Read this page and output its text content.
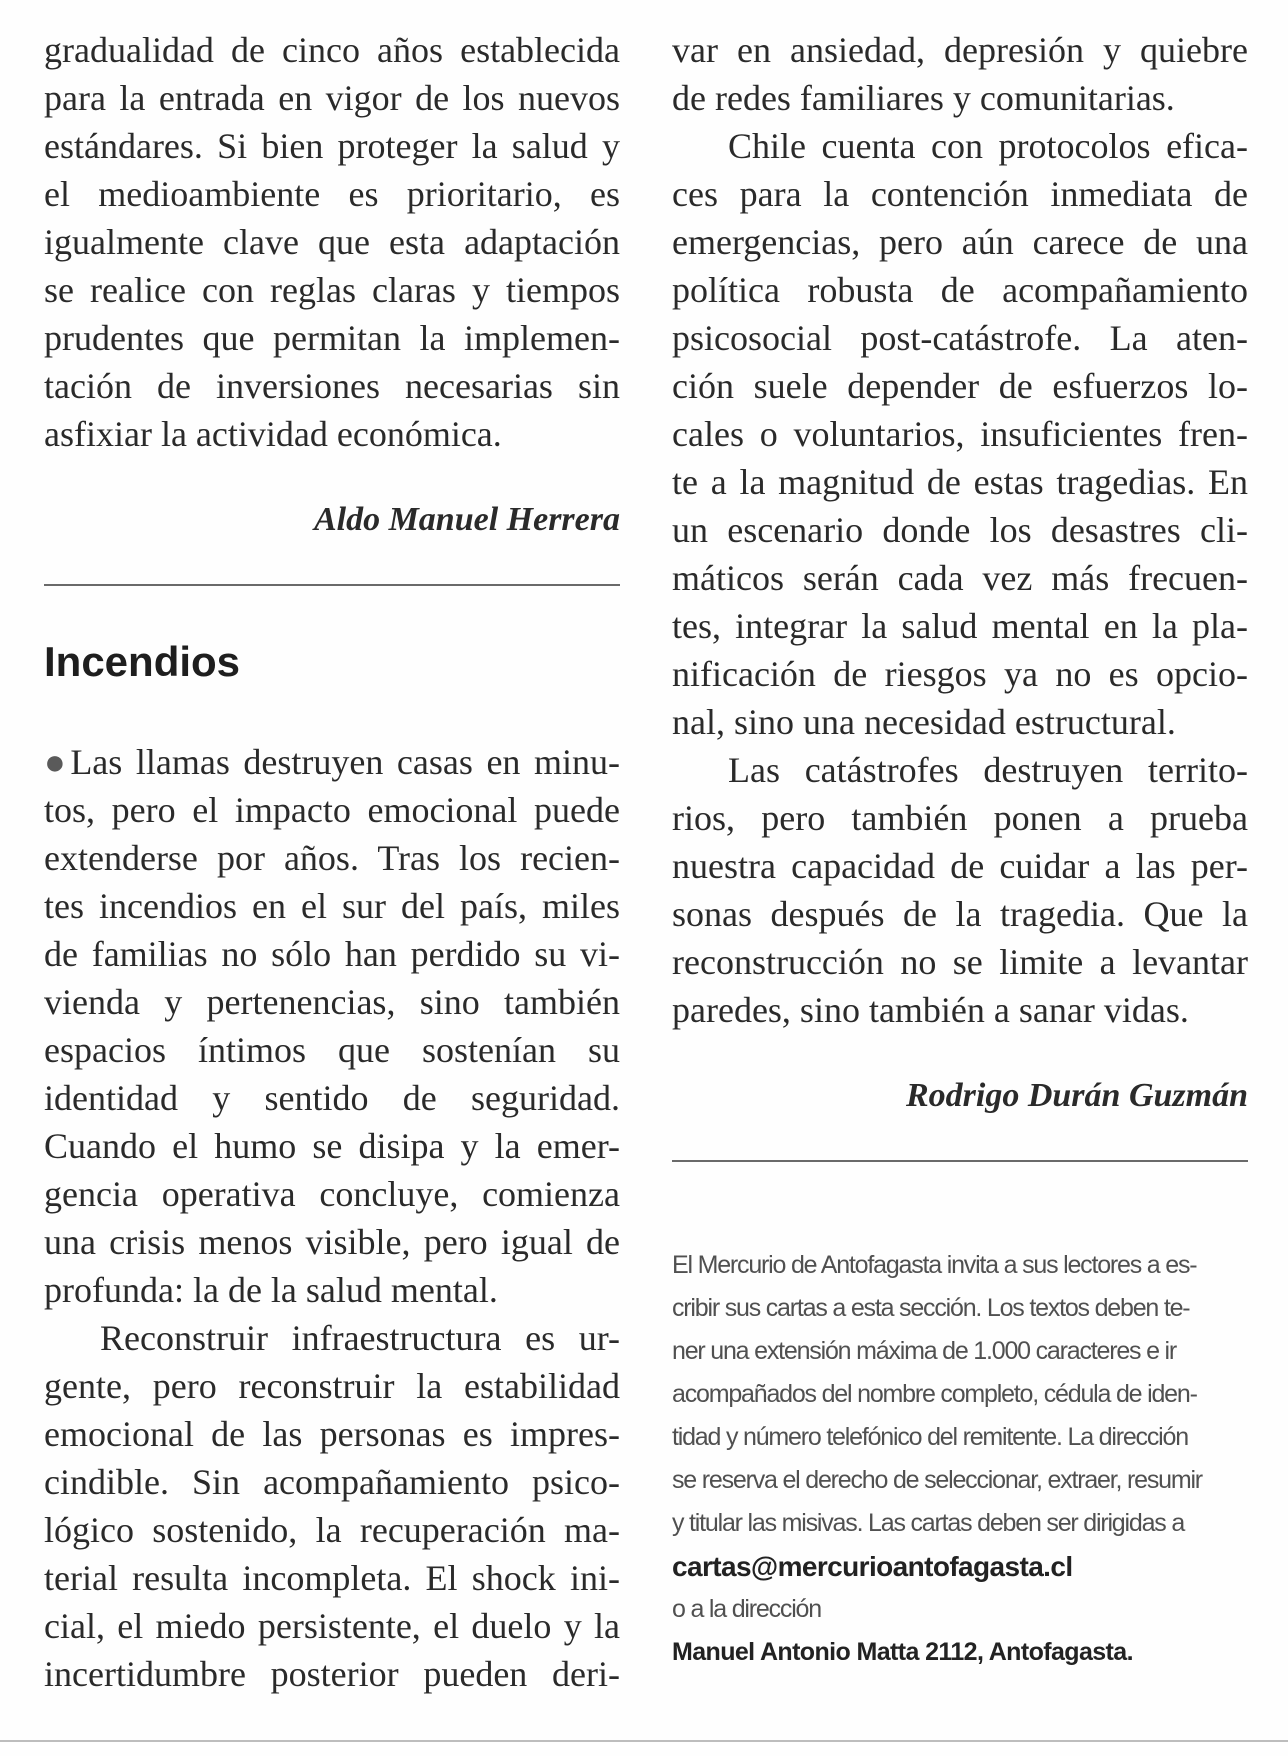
gradualidad de cinco años establecida
para la entrada en vigor de los nuevos
estándares. Si bien proteger la salud y
el medioambiente es prioritario, es
igualmente clave que esta adaptación
se realice con reglas claras y tiempos
prudentes que permitan la implemen-
tación de inversiones necesarias sin
asfixiar la actividad económica.
Aldo Manuel Herrera
Incendios
●Las llamas destruyen casas en minu-
tos, pero el impacto emocional puede
extenderse por años. Tras los recien-
tes incendios en el sur del país, miles
de familias no sólo han perdido su vi-
vienda y pertenencias, sino también
espacios íntimos que sostenían su
identidad y sentido de seguridad.
Cuando el humo se disipa y la emer-
gencia operativa concluye, comienza
una crisis menos visible, pero igual de
profunda: la de la salud mental.
Reconstruir infraestructura es ur-
gente, pero reconstruir la estabilidad
emocional de las personas es impres-
cindible. Sin acompañamiento psico-
lógico sostenido, la recuperación ma-
terial resulta incompleta. El shock ini-
cial, el miedo persistente, el duelo y la
incertidumbre posterior pueden deri-
var en ansiedad, depresión y quiebre
de redes familiares y comunitarias.
Chile cuenta con protocolos efica-
ces para la contención inmediata de
emergencias, pero aún carece de una
política robusta de acompañamiento
psicosocial post-catástrofe. La aten-
ción suele depender de esfuerzos lo-
cales o voluntarios, insuficientes fren-
te a la magnitud de estas tragedias. En
un escenario donde los desastres cli-
máticos serán cada vez más frecuen-
tes, integrar la salud mental en la pla-
nificación de riesgos ya no es opcio-
nal, sino una necesidad estructural.
Las catástrofes destruyen territo-
rios, pero también ponen a prueba
nuestra capacidad de cuidar a las per-
sonas después de la tragedia. Que la
reconstrucción no se limite a levantar
paredes, sino también a sanar vidas.
Rodrigo Durán Guzmán
El Mercurio de Antofagasta invita a sus lectores a es-
cribir sus cartas a esta sección. Los textos deben te-
ner una extensión máxima de 1.000 caracteres e ir
acompañados del nombre completo, cédula de iden-
tidad y número telefónico del remitente. La dirección
se reserva el derecho de seleccionar, extraer, resumir
y titular las misivas. Las cartas deben ser dirigidas a
cartas@mercurioantofagasta.cl
o a la dirección
Manuel Antonio Matta 2112, Antofagasta.
